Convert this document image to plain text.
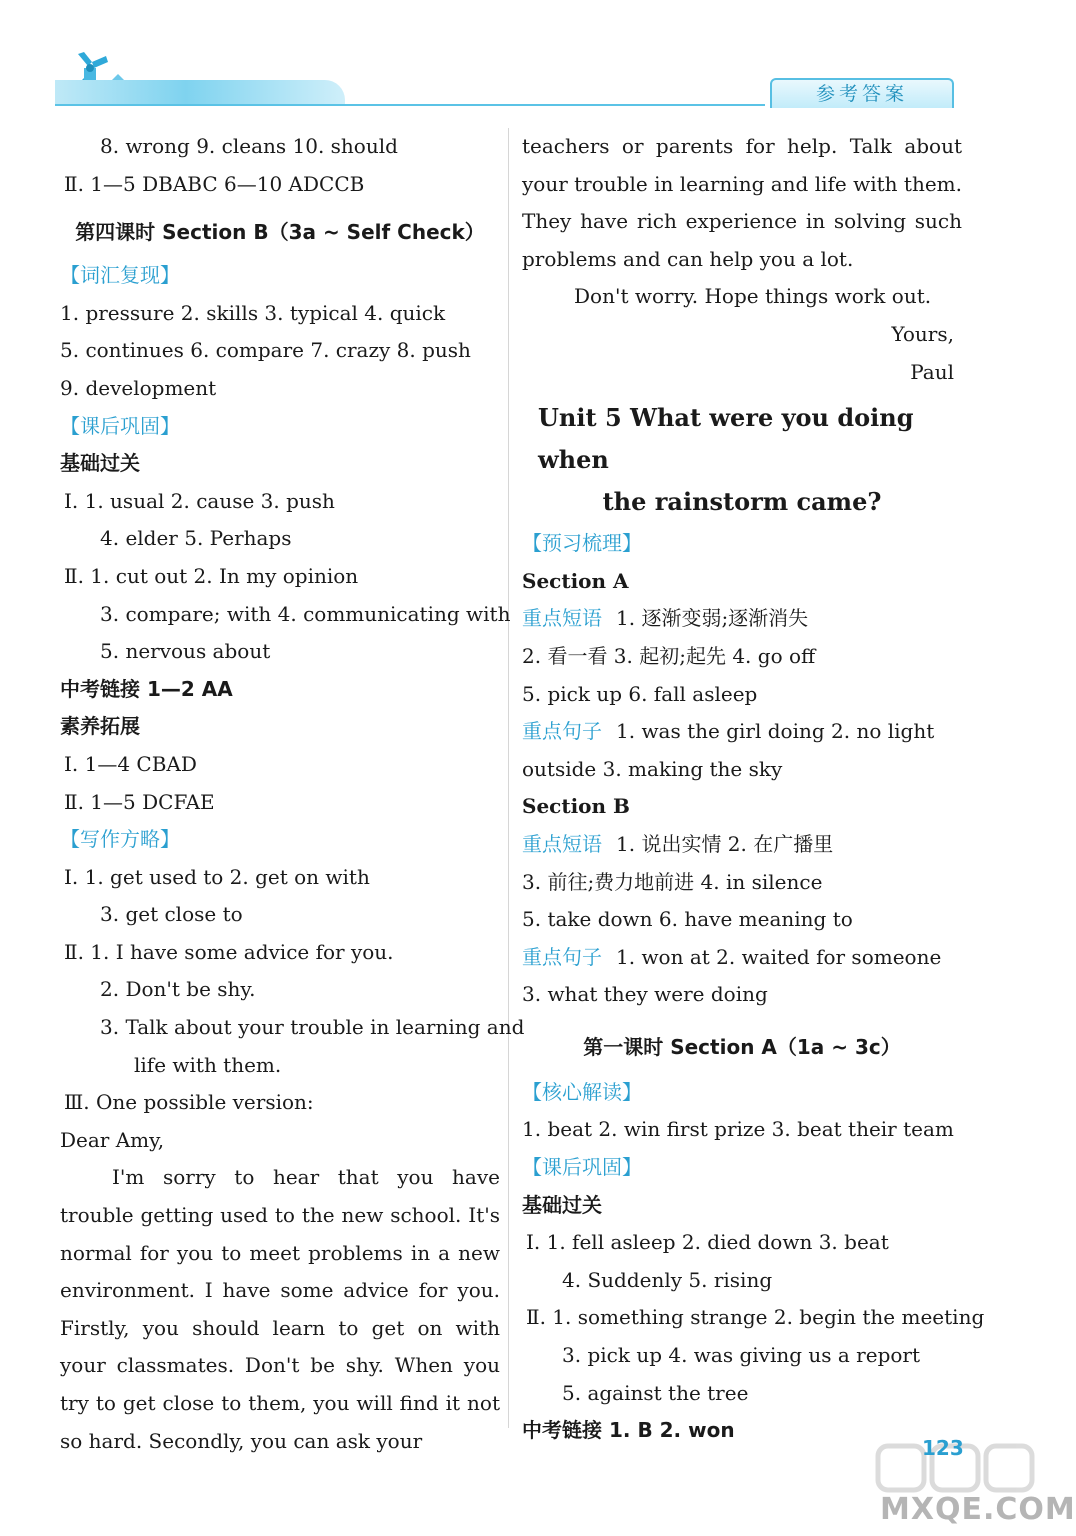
参考答案
8. wrong 9. cleans 10. should
Ⅱ. 1—5 DBABC 6—10 ADCCB
第四课时 Section B（3a ~ Self Check）
【词汇复现】
1. pressure 2. skills 3. typical 4. quick
5. continues 6. compare 7. crazy 8. push
9. development
【课后巩固】
基础过关
Ⅰ. 1. usual 2. cause 3. push
4. elder 5. Perhaps
Ⅱ. 1. cut out 2. In my opinion
3. compare; with 4. communicating with
5. nervous about
中考链接 1—2 AA
素养拓展
Ⅰ. 1—4 CBAD
Ⅱ. 1—5 DCFAE
【写作方略】
Ⅰ. 1. get used to 2. get on with
3. get close to
Ⅱ. 1. I have some advice for you.
2. Don't be shy.
3. Talk about your trouble in learning and
life with them.
Ⅲ. One possible version:
Dear Amy,
I'm sorry to hear that you have trouble getting used to the new school. It's normal for you to meet problems in a new environment. I have some advice for you. Firstly, you should learn to get on with your classmates. Don't be shy. When you try to get close to them, you will find it not so hard. Secondly, you can ask your
teachers or parents for help. Talk about your trouble in learning and life with them. They have rich experience in solving such problems and can help you a lot.
Don't worry. Hope things work out.
Yours,
Paul
Unit 5 What were you doing when
the rainstorm came?
【预习梳理】
Section A
重点短语 1. 逐渐变弱;逐渐消失
2. 看一看 3. 起初;起先 4. go off
5. pick up 6. fall asleep
重点句子 1. was the girl doing 2. no light
outside 3. making the sky
Section B
重点短语 1. 说出实情 2. 在广播里
3. 前往;费力地前进 4. in silence
5. take down 6. have meaning to
重点句子 1. won at 2. waited for someone
3. what they were doing
第一课时 Section A（1a ~ 3c）
【核心解读】
1. beat 2. win first prize 3. beat their team
【课后巩固】
基础过关
Ⅰ. 1. fell asleep 2. died down 3. beat
4. Suddenly 5. rising
Ⅱ. 1. something strange 2. begin the meeting
3. pick up 4. was giving us a report
5. against the tree
中考链接 1. B 2. won
123
MXQE.COM
